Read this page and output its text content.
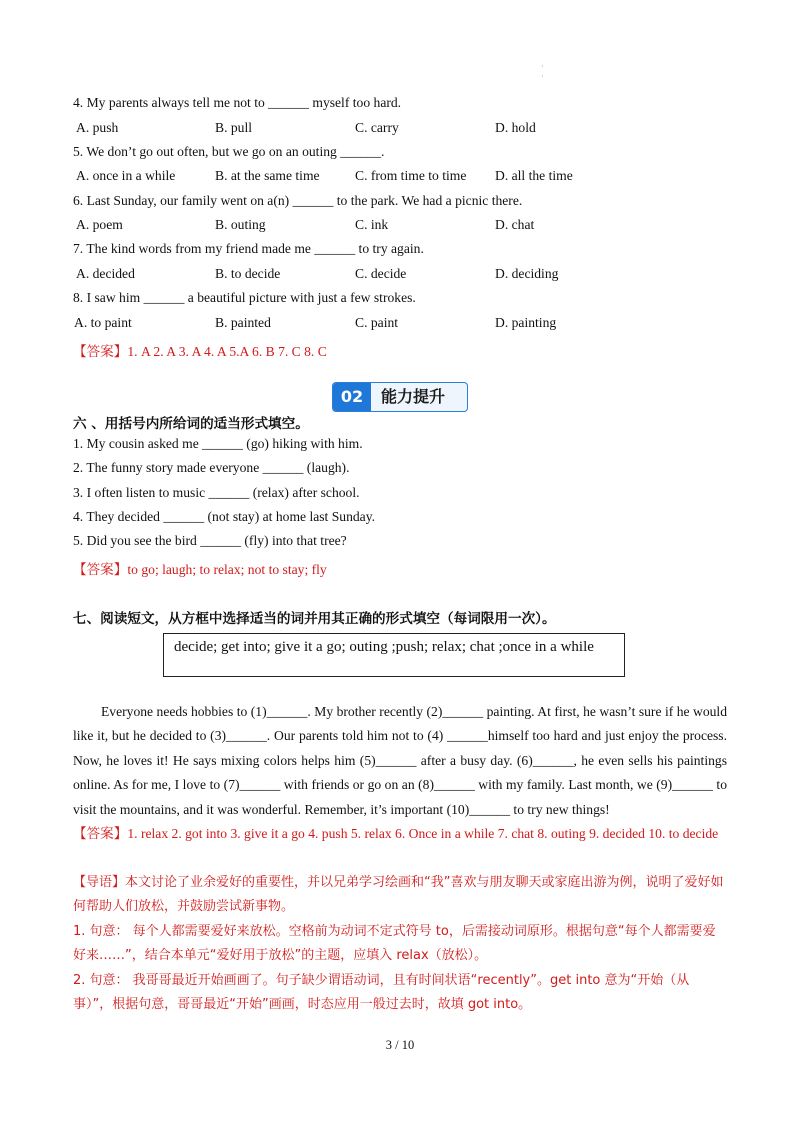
·
·
4. My parents always tell me not to ______ myself too hard.
A. push	B. pull	C. carry	D. hold
5. We don’t go out often, but we go on an outing ______.
A. once in a while	B. at the same time	C. from time to time D. all the time
6. Last Sunday, our family went on a(n) ______ to the park. We had a picnic there.
A. poem	B. outing	C. ink	D. chat
7. The kind words from my friend made me ______ to try again.
A. decided	B. to decide	C. decide	D. deciding
8. I saw him ______ a beautiful picture with just a few strokes.
A. to paint	B. painted	C. paint	D. painting
【答案】1. A 2. A 3. A 4. A 5.A 6. B 7. C 8. C
02	能力提升
六 、用括号内所给词的适当形式填空。
1. My cousin asked me ______ (go) hiking with him.
2. The funny story made everyone ______ (laugh).
3. I often listen to music ______ (relax) after school.
4. They decided ______ (not stay) at home last Sunday.
5. Did you see the bird ______ (fly) into that tree?
【答案】to go; laugh; to relax; not to stay; fly
七、阅读短文，从方框中选择适当的词并用其正确的形式填空（每词限用一次）。
decide; get into; give it a go; outing ;push; relax; chat ;once in a while
Everyone needs hobbies to (1)______. My brother recently (2)______ painting. At first, he wasn’t sure if he would like it, but he decided to (3)______. Our parents told him not to (4) ______himself too hard and just enjoy the process. Now, he loves it! He says mixing colors helps him (5)______ after a busy day. (6)______, he even sells his paintings online. As for me, I love to (7)______ with friends or go on an (8)______ with my family. Last month, we (9)______ to visit the mountains, and it was wonderful. Remember, it’s important (10)______ to try new things!
【答案】1. relax 2. got into 3. give it a go 4. push 5. relax 6. Once in a while 7. chat 8. outing 9. decided 10. to decide
【导语】本文讨论了业余爱好的重要性，并以兄弟学习绘画和“我”喜欢与朋友聊天或家庭出游为例，说明了爱好如何帮助人们放松，并鼓励尝试新事物。
1. 句意： 每个人都需要爱好来放松。空格前为动词不定式符号 to，后需接动词原形。根据句意“每个人都需要爱好来……”，结合本单元“爱好用于放松”的主题，应填入 relax（放松）。
2. 句意： 我哥哥最近开始画画了。句子缺少谓语动词，且有时间状语“recently”。get into 意为“开始（从事）”，根据句意，哥哥最近“开始”画画，时态应用一般过去时，故填 got into。
3 / 10
